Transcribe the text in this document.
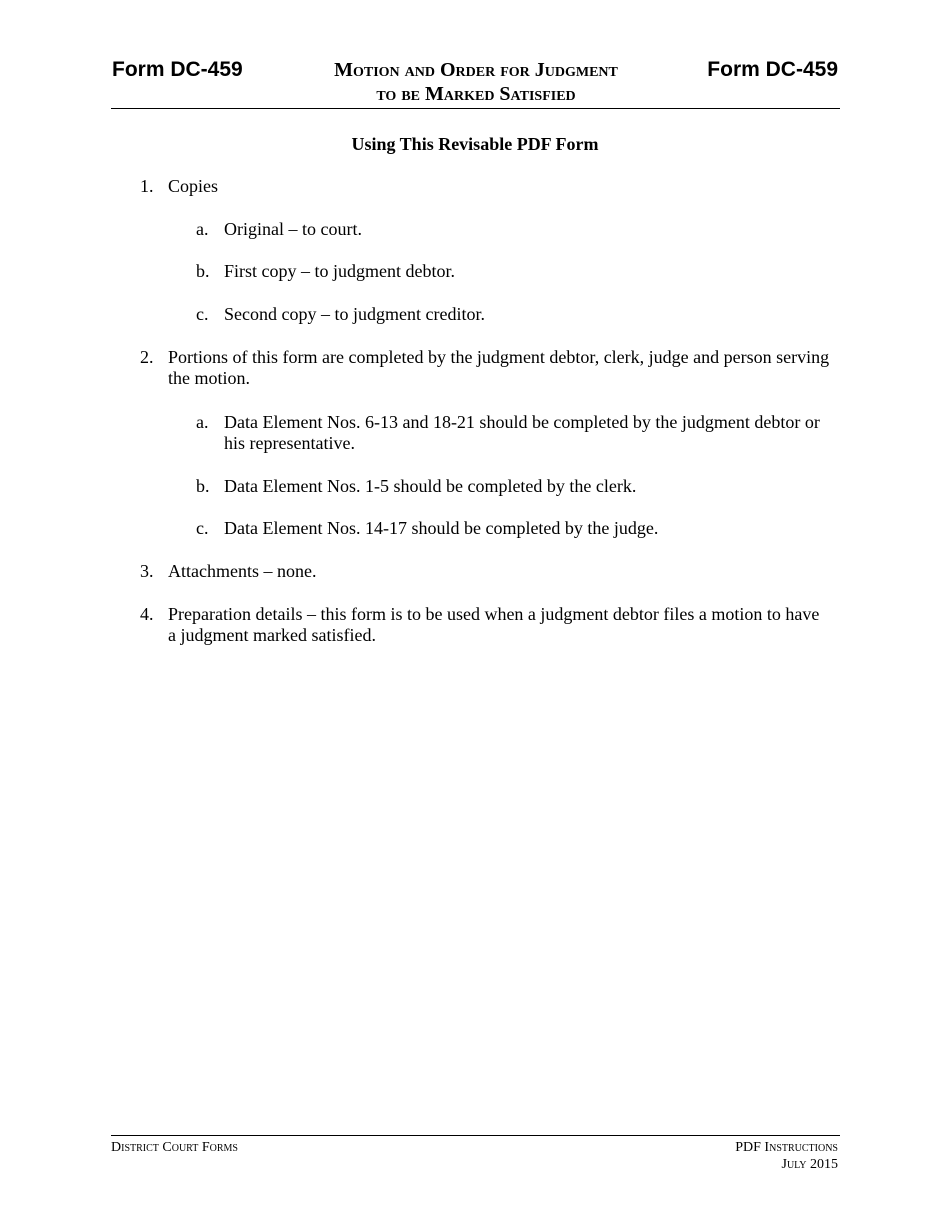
Form DC-459	Motion and Order for Judgment
to be Marked Satisfied
Form DC-459
Using This Revisable PDF Form
1. Copies
a. Original – to court.
b. First copy – to judgment debtor.
c. Second copy – to judgment creditor.
2. Portions of this form are completed by the judgment debtor, clerk, judge and person serving the motion.
a. Data Element Nos. 6-13 and 18-21 should be completed by the judgment debtor or his representative.
b. Data Element Nos. 1-5 should be completed by the clerk.
c. Data Element Nos. 14-17 should be completed by the judge.
3. Attachments – none.
4. Preparation details – this form is to be used when a judgment debtor files a motion to have a judgment marked satisfied.
District Court Forms	PDF Instructions
July 2015
